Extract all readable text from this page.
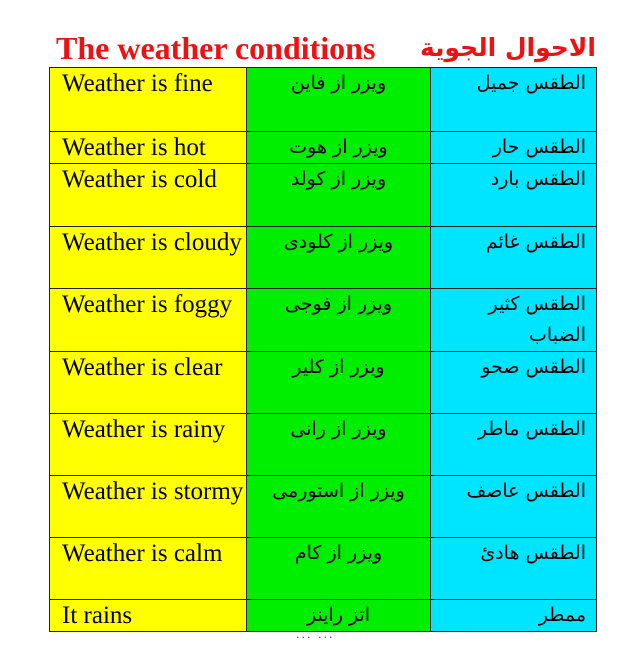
The weather conditions الاحوال الجوية
Weather is fine	ويزر از فاين	الطقس جميل
Weather is hot	ويزر از هوت	الطقس حار
Weather is cold	ويزر از كولد	الطقس بارد
Weather is cloudy	ويزر از كلودى	الطقس غائم
Weather is foggy	ويزر از فوجى	الطقس كثير الضباب
Weather is clear	ويزر از كلير	الطقس صحو
Weather is rainy	ويزر از رانى	الطقس ماطر
Weather is stormy	ويزر از استورمى	الطقس عاصف
Weather is calm	ويزر از كام	الطقس هادئ
It rains	اتز راينز	ممطر
··· ···
